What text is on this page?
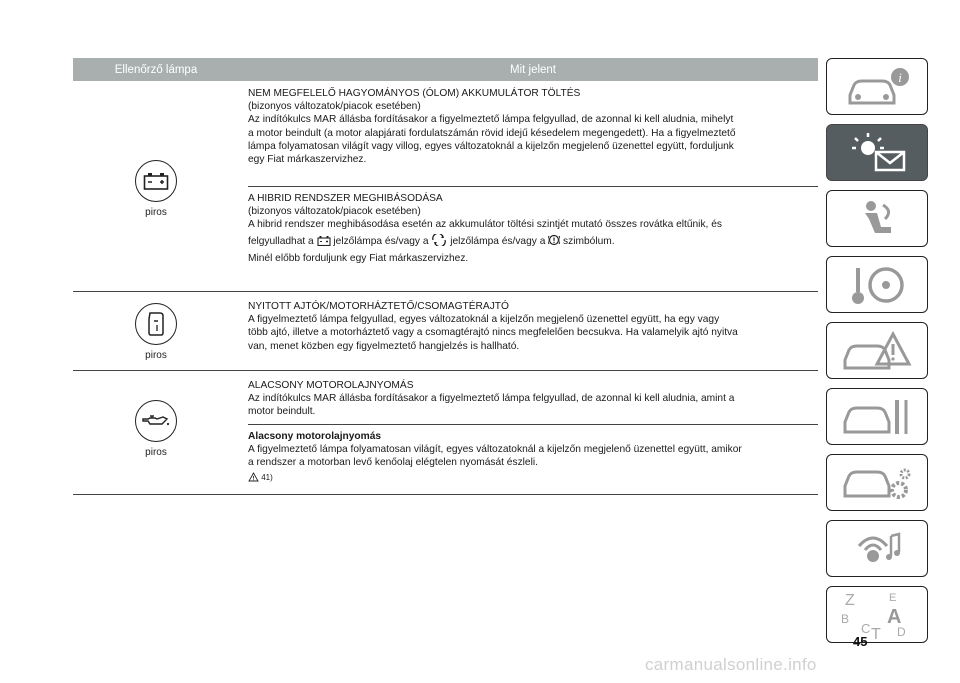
Ellenőrző lámpa	Mit jelent
piros

NEM MEGFELELŐ HAGYOMÁNYOS (ÓLOM) AKKUMULÁTOR TÖLTÉS

(bizonyos változatok/piacok esetében)

Az indítókulcs MAR állásba fordításakor a figyelmeztető lámpa felgyullad, de azonnal ki kell aludnia, mihelyt

a motor beindult (a motor alapjárati fordulatszámán rövid idejű késedelem megengedett). Ha a figyelmeztető

lámpa folyamatosan világít vagy villog, egyes változatoknál a kijelzőn megjelenő üzenettel együtt, forduljunk

egy Fiat márkaszervizhez.

A HIBRID RENDSZER MEGHIBÁSODÁSA

(bizonyos változatok/piacok esetében)

A hibrid rendszer meghibásodása esetén az akkumulátor töltési szintjét mutató összes rovátka eltűnik, és

felgyulladhat a jelzőlámpa és/vagy a jelzőlámpa és/vagy a szimbólum.

Minél előbb forduljunk egy Fiat márkaszervizhez.

piros

NYITOTT AJTÓK/MOTORHÁZTETŐ/CSOMAGTÉRAJTÓ

A figyelmeztető lámpa felgyullad, egyes változatoknál a kijelzőn megjelenő üzenettel együtt, ha egy vagy

több ajtó, illetve a motorháztető vagy a csomagtérajtó nincs megfelelően becsukva. Ha valamelyik ajtó nyitva

van, menet közben egy figyelmeztető hangjelzés is hallható.

piros

ALACSONY MOTOROLAJNYOMÁS

Az indítókulcs MAR állásba fordításakor a figyelmeztető lámpa felgyullad, de azonnal ki kell aludnia, amint a

motor beindult.

Alacsony motorolajnyomás

A figyelmeztető lámpa folyamatosan világít, egyes változatoknál a kijelzőn megjelenő üzenettel együtt, amikor

a rendszer a motorban levő kenőolaj elégtelen nyomását észleli.

41)

i
Z	E
A
B
C T D
45
carmanualsonline.info
